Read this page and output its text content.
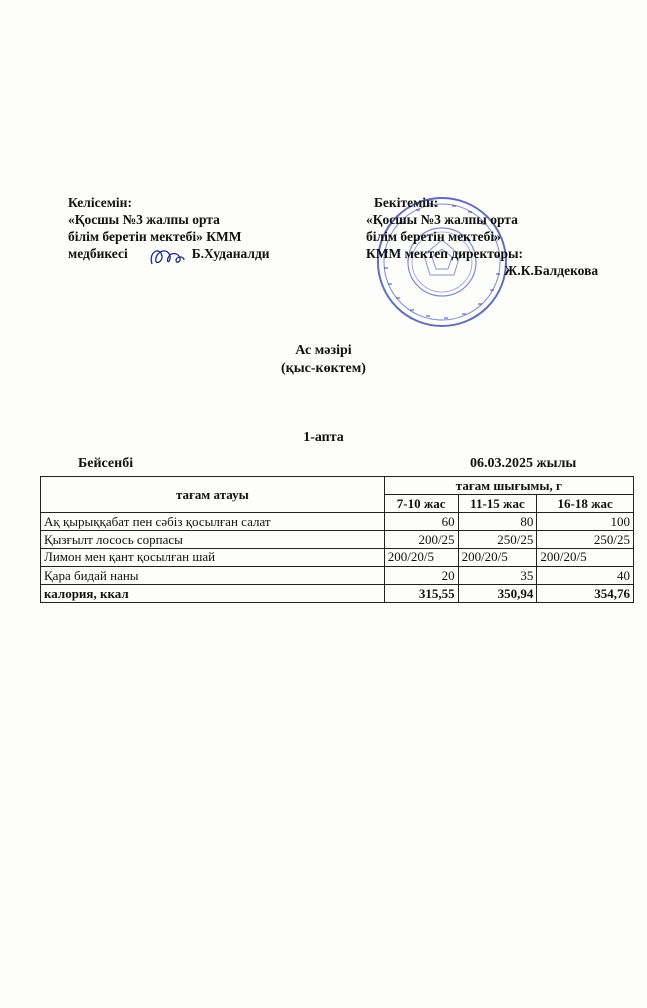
Келісемін:
«Қосшы №3 жалпы орта
білім беретін мектебі» КММ
медбикесі	Б.Худаналди
Бекітемін:
«Қосшы №3 жалпы орта
білім беретін мектебі»
КММ мектеп директоры:
Ж.К.Балдекова
Ас мәзірі
(қыс-көктем)
1-апта
Бейсенбі	06.03.2025 жылы
тағам атауы	тағам шығымы, г		
	7-10 жас	11-15 жас	16-18 жас
Ақ қырыққабат пен сәбіз қосылған салат	60	80	100
Қызғылт лосось сорпасы	200/25	250/25	250/25
Лимон мен қант қосылған шай	200/20/5	200/20/5	200/20/5
Қара бидай наны	20	35	40
калория, ккал	315,55	350,94	354,76
